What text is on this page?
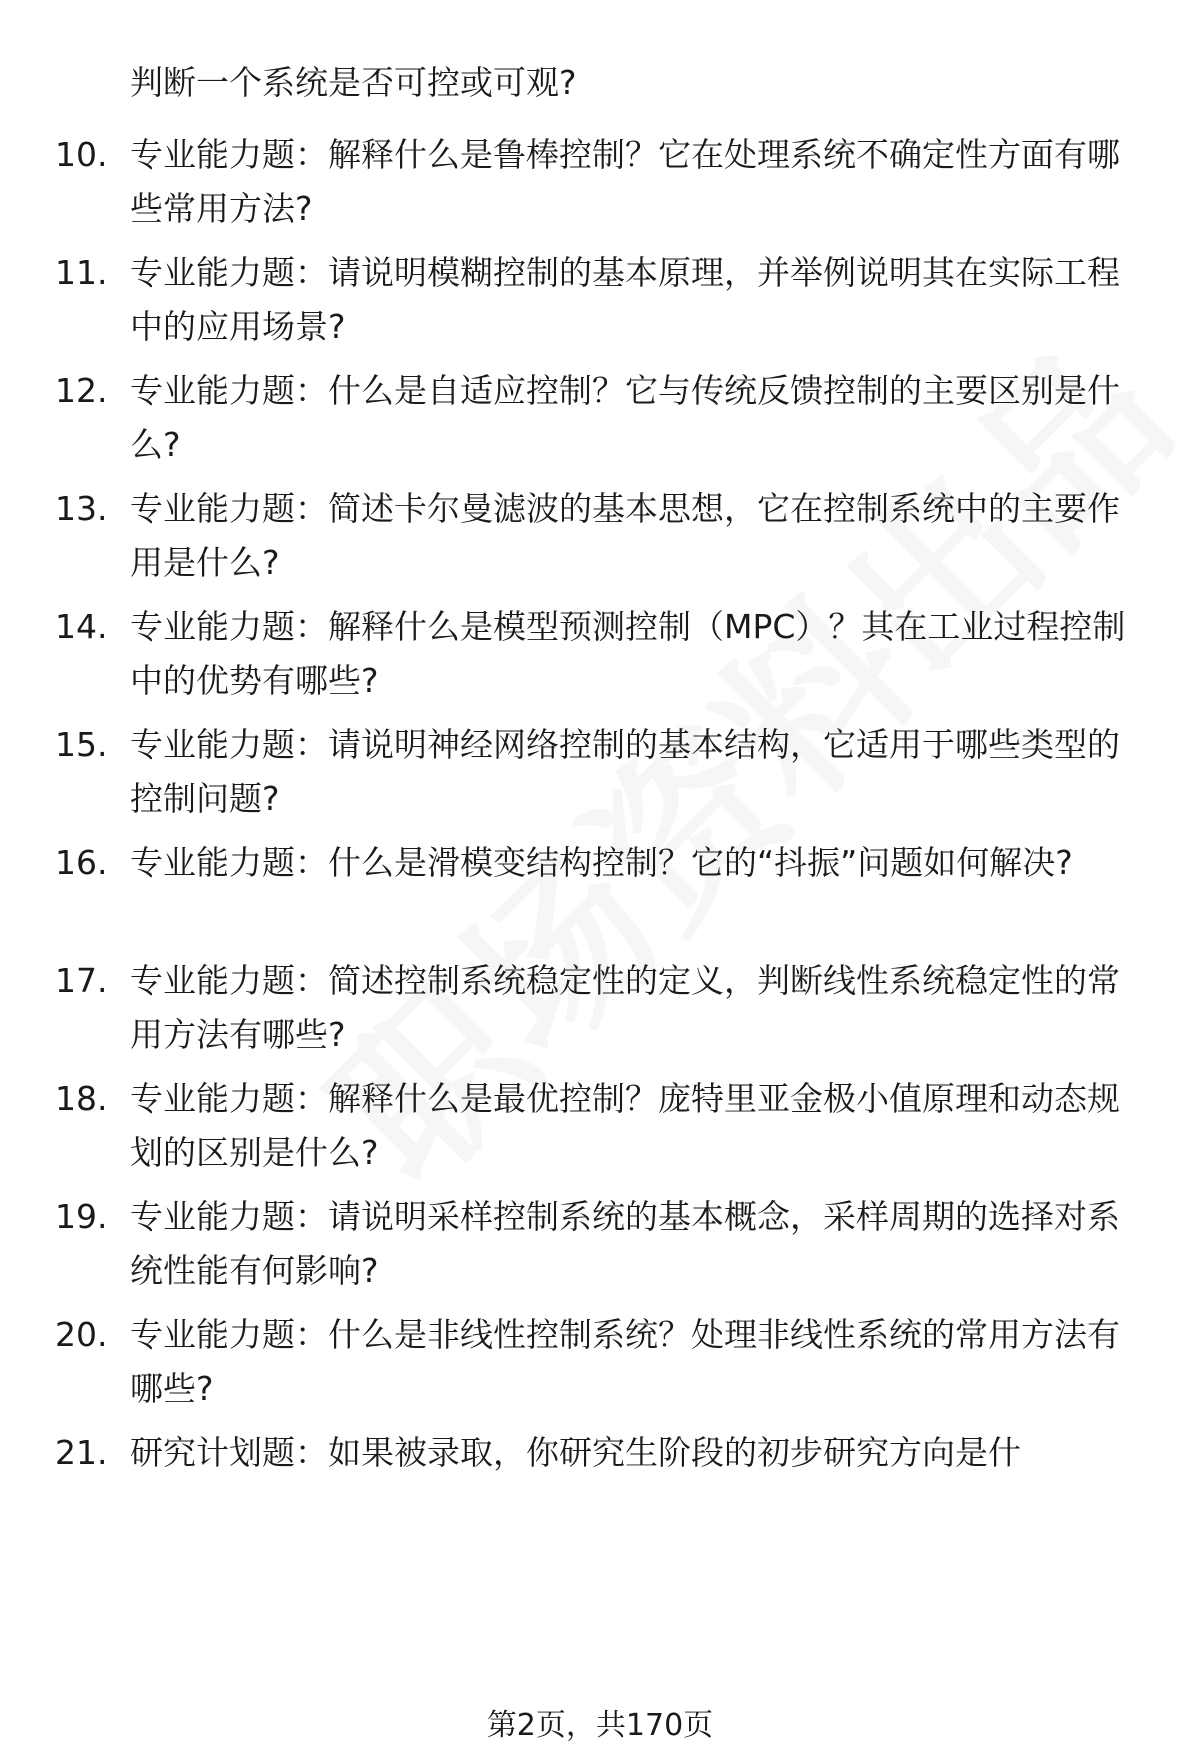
判断一个系统是否可控或可观?
10. 专业能力题：解释什么是鲁棒控制？它在处理系统不确定性方面有哪些常用方法?
11. 专业能力题：请说明模糊控制的基本原理，并举例说明其在实际工程中的应用场景?
12. 专业能力题：什么是自适应控制？它与传统反馈控制的主要区别是什么?
13. 专业能力题：简述卡尔曼滤波的基本思想，它在控制系统中的主要作用是什么?
14. 专业能力题：解释什么是模型预测控制（MPC）？其在工业过程控制中的优势有哪些?
15. 专业能力题：请说明神经网络控制的基本结构，它适用于哪些类型的控制问题?
16. 专业能力题：什么是滑模变结构控制？它的“抖振”问题如何解决?
17. 专业能力题：简述控制系统稳定性的定义，判断线性系统稳定性的常用方法有哪些?
18. 专业能力题：解释什么是最优控制？庞特里亚金极小值原理和动态规划的区别是什么?
19. 专业能力题：请说明采样控制系统的基本概念，采样周期的选择对系统性能有何影响?
20. 专业能力题：什么是非线性控制系统？处理非线性系统的常用方法有哪些?
21. 研究计划题：如果被录取，你研究生阶段的初步研究方向是什
第2页，共170页
